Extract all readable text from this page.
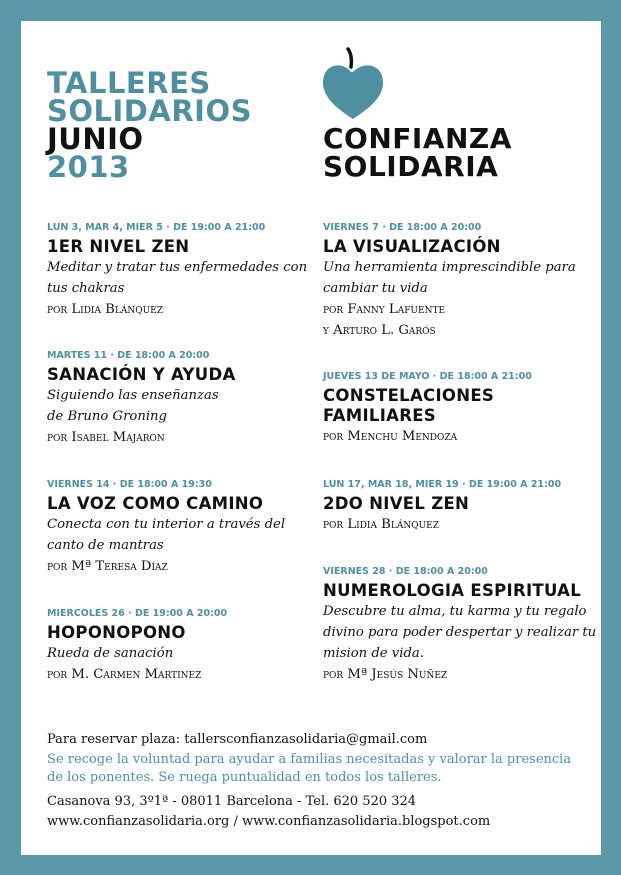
TALLERES
SOLIDARIOS
JUNIO
2013
CONFIANZA
SOLIDARIA
LUN 3, MAR 4, MIER 5 · DE 19:00 A 21:00
1ER NIVEL ZEN
Meditar y tratar tus enfermedades con
tus chakras
por Lidia Blánquez
MARTES 11 · DE 18:00 A 20:00
SANACIÓN Y AYUDA
Siguiendo las enseñanzas
de Bruno Groning
por Isabel Majaron
VIERNES 14 · DE 18:00 A 19:30
LA VOZ COMO CAMINO
Conecta con tu interior a través del
canto de mantras
por Mª Teresa Díaz
MIERCOLES 26 · DE 19:00 A 20:00
HOPONOPONO
Rueda de sanación
por M. Carmen Martinez
VIERNES 7 · DE 18:00 A 20:00
LA VISUALIZACIÓN
Una herramienta imprescindible para
cambiar tu vida
por Fanny Lafuente
y Arturo L. Garós
JUEVES 13 DE MAYO · DE 18:00 A 21:00
CONSTELACIONES
FAMILIARES
por Menchu Mendoza
LUN 17, MAR 18, MIER 19 · DE 19:00 A 21:00
2DO NIVEL ZEN
por Lidia Blánquez
VIERNES 28 · DE 18:00 A 20:00
NUMEROLOGIA ESPIRITUAL
Descubre tu alma, tu karma y tu regalo
divino para poder despertar y realizar tu
mision de vida.
por Mª Jesús Nuñez
Para reservar plaza: tallersconfianzasolidaria@gmail.com
Se recoge la voluntad para ayudar a familias necesitadas y valorar la presencia
de los ponentes. Se ruega puntualidad en todos los talleres.
Casanova 93, 3º1ª - 08011 Barcelona - Tel. 620 520 324
www.confianzasolidaria.org / www.confianzasolidaria.blogspot.com
